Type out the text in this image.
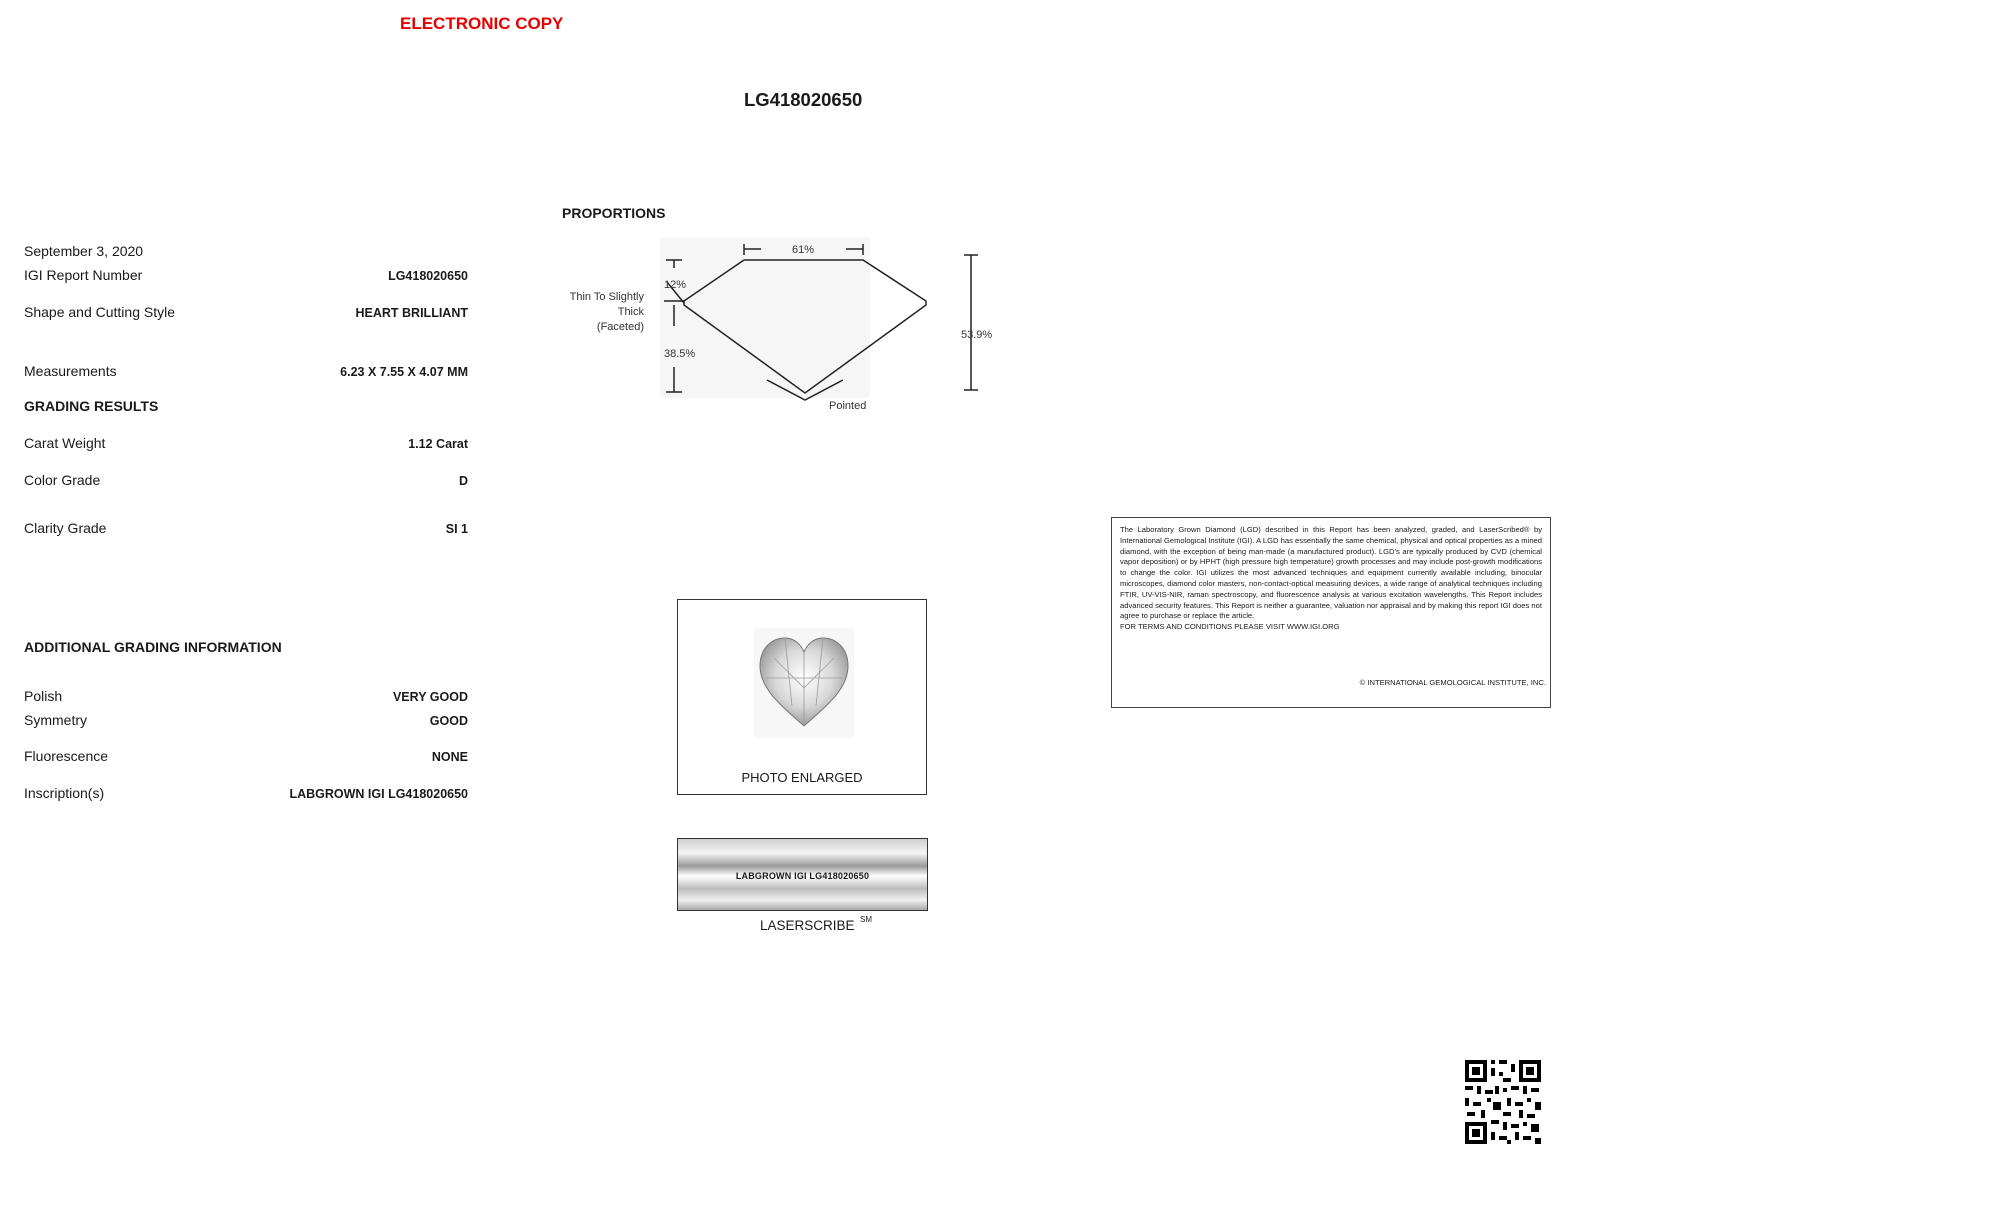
ELECTRONIC COPY
LG418020650
September 3, 2020
IGI Report Number	LG418020650
Shape and Cutting Style	HEART BRILLIANT
Measurements	6.23 X 7.55 X 4.07 MM
GRADING RESULTS
Carat Weight	1.12 Carat
Color Grade	D
Clarity Grade	SI 1
ADDITIONAL GRADING INFORMATION
Polish	VERY GOOD
Symmetry	GOOD
Fluorescence	NONE
Inscription(s)	LABGROWN IGI LG418020650
PROPORTIONS
61%
12%
38.5%
53.9%
Thin To Slightly
Thick
(Faceted)
Pointed
PHOTO ENLARGED
LABGROWN IGI LG418020650
LASERSCRIBE SM
The Laboratory Grown Diamond (LGD) described in this Report has been analyzed, graded, and LaserScribed® by International Gemological Institute (IGI). A LGD has essentially the same chemical, physical and optical properties as a mined diamond, with the exception of being man-made (a manufactured product). LGD's are typically produced by CVD (chemical vapor deposition) or by HPHT (high pressure high temperature) growth processes and may include post-growth modifications to change the color. IGI utilizes the most advanced techniques and equipment currently available including, binocular microscopes, diamond color masters, non-contact-optical measuring devices, a wide range of analytical techniques including FTIR, UV-VIS-NIR, raman spectroscopy, and fluorescence analysis at various excitation wavelengths. This Report includes advanced security features. This Report is neither a guarantee, valuation nor appraisal and by making this report IGI does not agree to purchase or replace the article.
FOR TERMS AND CONDITIONS PLEASE VISIT WWW.IGI.ORG
© INTERNATIONAL GEMOLOGICAL INSTITUTE, INC.
